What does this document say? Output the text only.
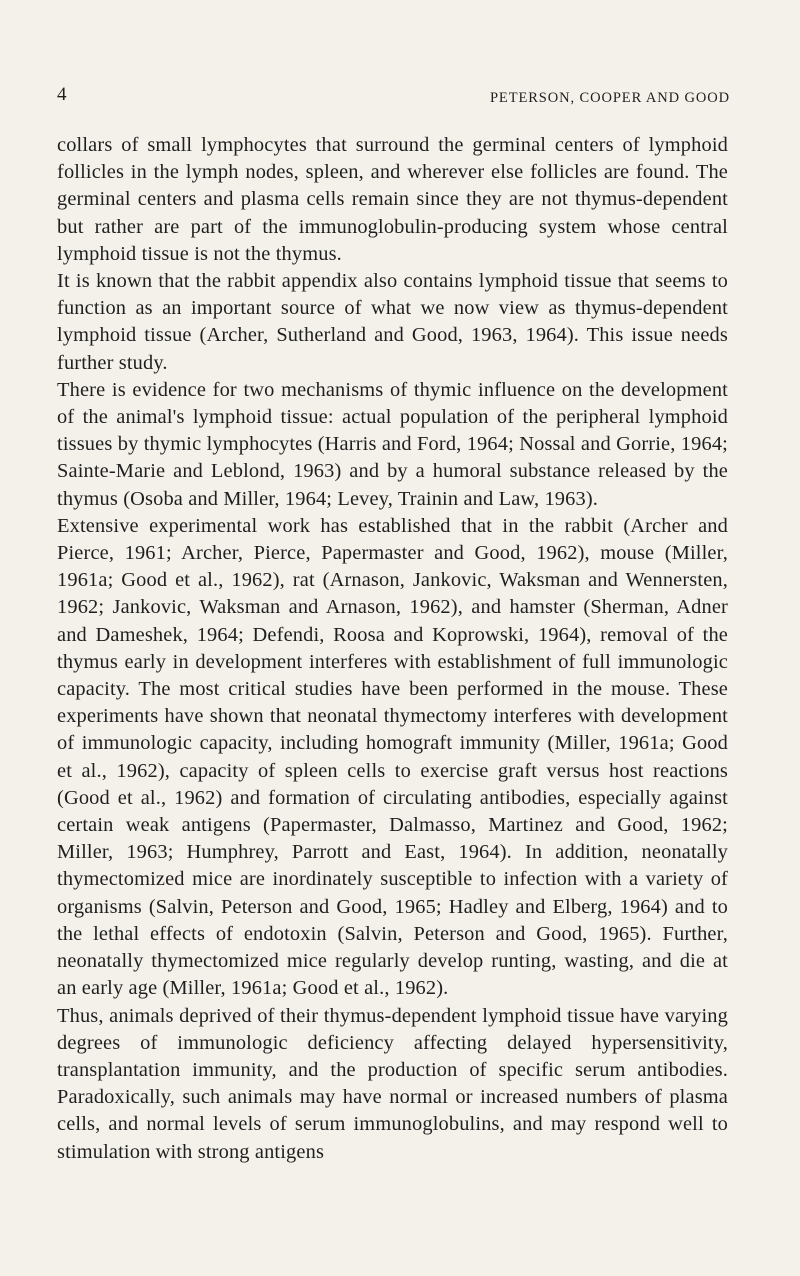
4	PETERSON, COOPER AND GOOD

collars of small lymphocytes that surround the germinal centers of lymphoid follicles in the lymph nodes, spleen, and wherever else follicles are found. The germinal centers and plasma cells remain since they are not thymus-dependent but rather are part of the immunoglobulin-producing system whose central lymphoid tissue is not the thymus.

It is known that the rabbit appendix also contains lymphoid tissue that seems to function as an important source of what we now view as thymus-dependent lymphoid tissue (Archer, Sutherland and Good, 1963, 1964). This issue needs further study.

There is evidence for two mechanisms of thymic influence on the development of the animal's lymphoid tissue: actual population of the peripheral lymphoid tissues by thymic lymphocytes (Harris and Ford, 1964; Nossal and Gorrie, 1964; Sainte-Marie and Leblond, 1963) and by a humoral substance released by the thymus (Osoba and Miller, 1964; Levey, Trainin and Law, 1963).

Extensive experimental work has established that in the rabbit (Archer and Pierce, 1961; Archer, Pierce, Papermaster and Good, 1962), mouse (Miller, 1961a; Good et al., 1962), rat (Arnason, Jankovic, Waksman and Wennersten, 1962; Jankovic, Waksman and Arnason, 1962), and hamster (Sherman, Adner and Dameshek, 1964; Defendi, Roosa and Koprowski, 1964), removal of the thymus early in development interferes with establishment of full immunologic capacity. The most critical studies have been performed in the mouse. These experiments have shown that neonatal thymectomy interferes with development of immunologic capacity, including homograft immunity (Miller, 1961a; Good et al., 1962), capacity of spleen cells to exercise graft versus host reactions (Good et al., 1962) and formation of circulating antibodies, especially against certain weak antigens (Papermaster, Dalmasso, Martinez and Good, 1962; Miller, 1963; Humphrey, Parrott and East, 1964). In addition, neonatally thymectomized mice are inordinately susceptible to infection with a variety of organisms (Salvin, Peterson and Good, 1965; Hadley and Elberg, 1964) and to the lethal effects of endotoxin (Salvin, Peterson and Good, 1965). Further, neonatally thymectomized mice regularly develop runting, wasting, and die at an early age (Miller, 1961a; Good et al., 1962).

Thus, animals deprived of their thymus-dependent lymphoid tissue have varying degrees of immunologic deficiency affecting delayed hypersensitivity, transplantation immunity, and the production of specific serum antibodies. Paradoxically, such animals may have normal or increased numbers of plasma cells, and normal levels of serum immunoglobulins, and may respond well to stimulation with strong antigens
